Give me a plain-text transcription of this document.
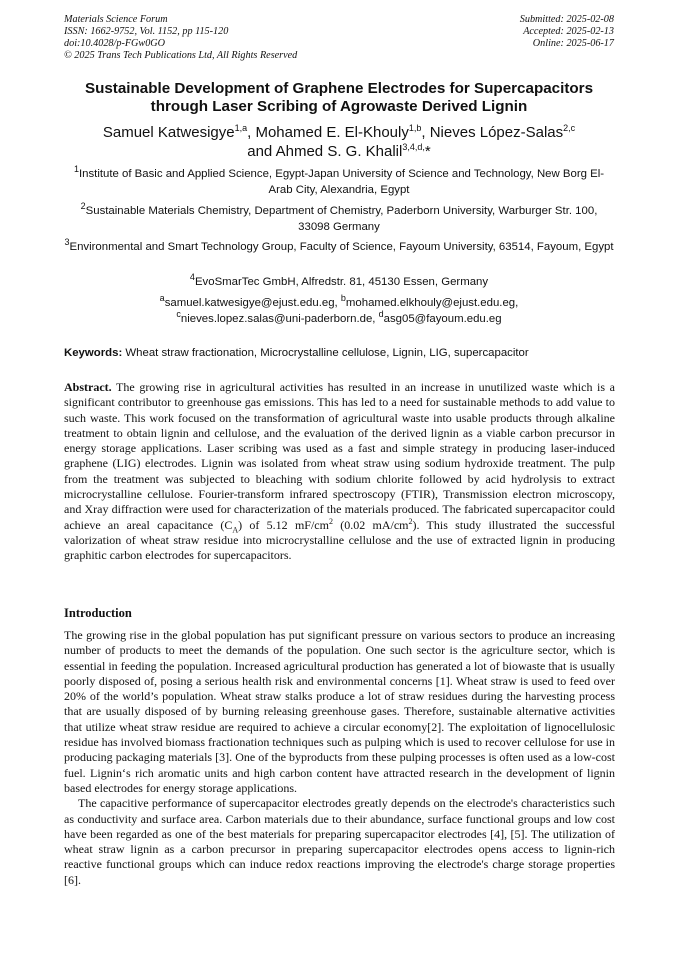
Materials Science Forum
ISSN: 1662-9752, Vol. 1152, pp 115-120
doi:10.4028/p-FGw0GO
© 2025 Trans Tech Publications Ltd, All Rights Reserved
Submitted: 2025-02-08
Accepted: 2025-02-13
Online: 2025-06-17
Sustainable Development of Graphene Electrodes for Supercapacitors
through Laser Scribing of Agrowaste Derived Lignin
Samuel Katwesigye$^{1,a}$, Mohamed E. El-Khouly$^{1,b}$, Nieves López-Salas$^{2,c}$
and Ahmed S. G. Khalil$^{3,4,d,}$*
$^1$Institute of Basic and Applied Science, Egypt-Japan University of Science and Technology, New Borg El-Arab City, Alexandria, Egypt
$^2$Sustainable Materials Chemistry, Department of Chemistry, Paderborn University, Warburger Str. 100, 33098 Germany
$^3$Environmental and Smart Technology Group, Faculty of Science, Fayoum University, 63514, Fayoum, Egypt
$^4$EvoSmarTec GmbH, Alfredstr. 81, 45130 Essen, Germany
$^a$samuel.katwesigye@ejust.edu.eg, $^b$mohamed.elkhouly@ejust.edu.eg,
$^c$nieves.lopez.salas@uni-paderborn.de, $^d$asg05@fayoum.edu.eg
Keywords: Wheat straw fractionation, Microcrystalline cellulose, Lignin, LIG, supercapacitor
Abstract. The growing rise in agricultural activities has resulted in an increase in unutilized waste which is a significant contributor to greenhouse gas emissions. This has led to a need for sustainable methods to add value to such waste. This work focused on the transformation of agricultural waste into usable products through alkaline treatment to obtain lignin and cellulose, and the evaluation of the derived lignin as a viable carbon precursor in energy storage applications. Laser scribing was used as a fast and simple strategy in producing laser-induced graphene (LIG) electrodes. Lignin was isolated from wheat straw using sodium hydroxide treatment. The pulp from the treatment was subjected to bleaching with sodium chlorite followed by acid hydrolysis to extract microcrystalline cellulose. Fourier-transform infrared spectroscopy (FTIR), Transmission electron microscopy, and Xray diffraction were used for characterization of the materials produced. The fabricated supercapacitor could achieve an areal capacitance $(C_A)$ of 5.12 $mF/cm^2$ (0.02 $mA/cm^2$). This study illustrated the successful valorization of wheat straw residue into microcrystalline cellulose and the use of extracted lignin in producing graphitic carbon electrodes for supercapacitors.
Introduction

The growing rise in the global population has put significant pressure on various sectors to produce an increasing number of products to meet the demands of the population. One such sector is the agriculture sector, which is essential in feeding the population. Increased agricultural production has generated a lot of biowaste that is usually poorly disposed of, posing a serious health risk and environmental concerns [1]. Wheat straw is used to feed over 20% of the world’s population. Wheat straw stalks produce a lot of straw residues during the harvesting process that are usually disposed of by burning releasing greenhouse gases. Therefore, sustainable alternative activities that utilize wheat straw residue are required to achieve a circular economy[2]. The exploitation of lignocellulosic residue has involved biomass fractionation techniques such as pulping which is used to recover cellulose for use in producing packaging materials [3]. One of the byproducts from these pulping processes is often used as a low-cost fuel. Lignin‘s rich aromatic units and high carbon content have attracted research in the development of lignin based electrodes for energy storage applications.

The capacitive performance of supercapacitor electrodes greatly depends on the electrode's characteristics such as conductivity and surface area. Carbon materials due to their abundance, surface functional groups and low cost have been regarded as one of the best materials for preparing supercapacitor electrodes [4], [5]. The utilization of wheat straw lignin as a carbon precursor in preparing supercapacitor electrodes opens access to lignin-rich reactive functional groups which can induce redox reactions improving the electrode's charge storage properties [6].
